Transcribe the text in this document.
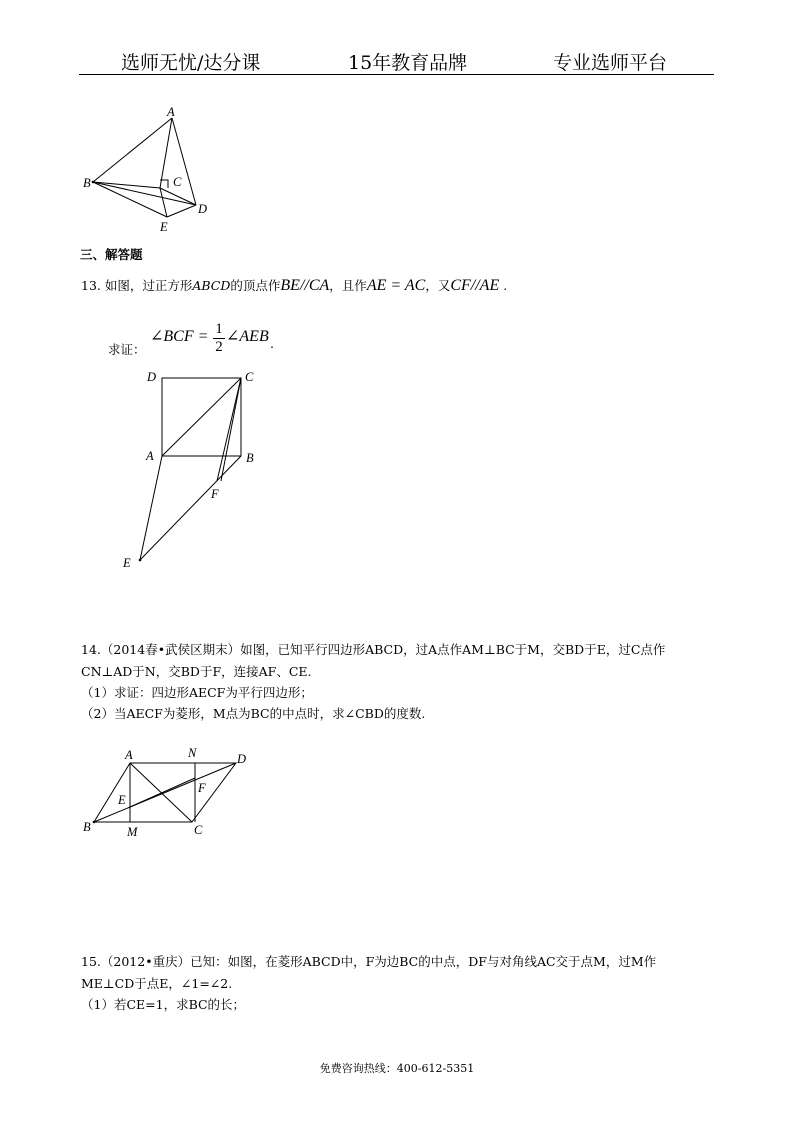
选师无忧/达分课	15年教育品牌	专业选师平台
A
B	C
D
E
三、解答题
13. 如图，过正方形ABCD的顶点作BE//CA，且作AE = AC，又CF//AE .
求证：
∠BCF = $\frac{1}{2}$ ∠AEB .
D	C
A	B
F
E
14.（2014春•武侯区期末）如图，已知平行四边形ABCD，过A点作AM⊥BC于M，交BD于E，过C点作
CN⊥AD于N，交BD于F，连接AF、CE.
（1）求证：四边形AECF为平行四边形；
（2）当AECF为菱形，M点为BC的中点时，求∠CBD的度数.
A	N	D
E
F
B	M	C
15.（2012•重庆）已知：如图，在菱形ABCD中，F为边BC的中点，DF与对角线AC交于点M，过M作
ME⊥CD于点E，∠1=∠2.
（1）若CE=1，求BC的长；
免费咨询热线：400-612-5351
